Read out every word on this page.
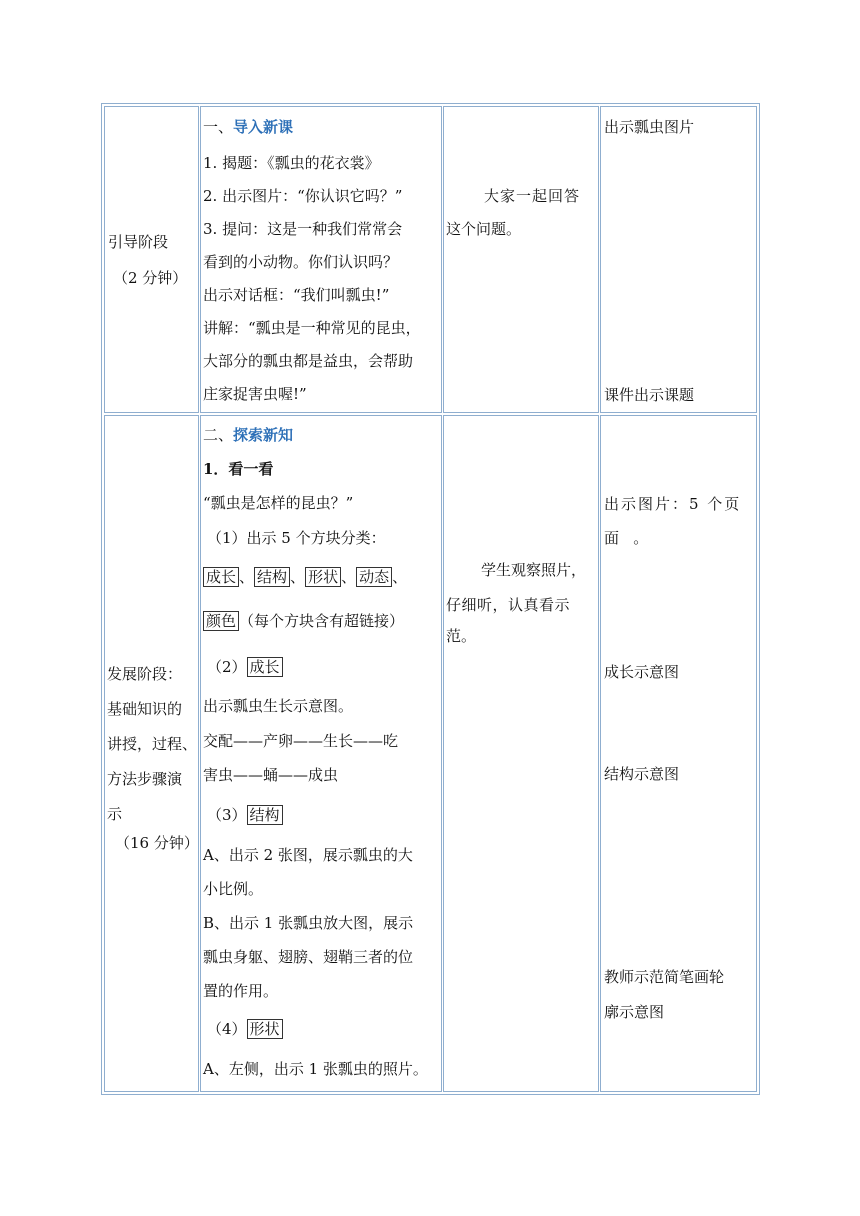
引导阶段
（2 分钟）
一、导入新课
1. 揭题：《瓢虫的花衣裳》
2. 出示图片：“你认识它吗？”
3. 提问：这是一种我们常常会
看到的小动物。你们认识吗？
出示对话框：“我们叫瓢虫!”
讲解：“瓢虫是一种常见的昆虫，
大部分的瓢虫都是益虫，会帮助
庄家捉害虫喔!”
大家一起回答
这个问题。
出示瓢虫图片
课件出示课题
发展阶段：
基础知识的
讲授，过程、
方法步骤演
示
（16 分钟）
二、探索新知
1．看一看
“瓢虫是怎样的昆虫？”
（1）出示 5 个方块分类：
成长 、 结构 、 形状 、 动态 、
颜色 （每个方块含有超链接）
（2） 成长
出示瓢虫生长示意图。
交配——产卵——生长——吃
害虫——蛹——成虫
（3） 结构
A、出示 2 张图，展示瓢虫的大
小比例。
B、出示 1 张瓢虫放大图，展示
瓢虫身躯、翅膀、翅鞘三者的位
置的作用。
（4） 形状
A、左侧，出示 1 张瓢虫的照片。
学生观察照片，
仔细听，认真看示
范。
出示图片：5 个页
面   。
成长示意图
结构示意图
教师示范简笔画轮
廓示意图
